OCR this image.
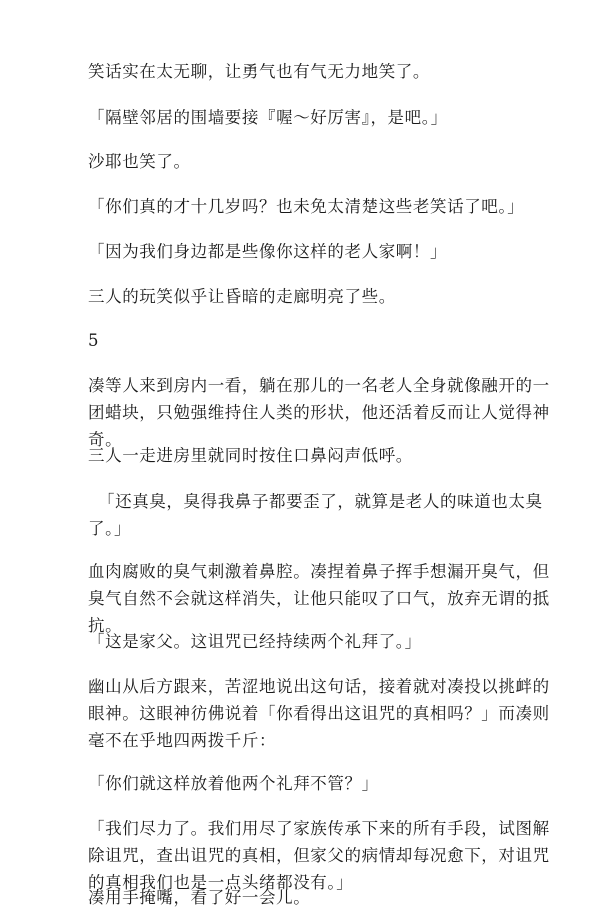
笑话实在太无聊，让勇气也有气无力地笑了。

「隔壁邻居的围墙要接『喔～好厉害』，是吧。」

沙耶也笑了。

「你们真的才十几岁吗？也未免太清楚这些老笑话了吧。」

「因为我们身边都是些像你这样的老人家啊！」

三人的玩笑似乎让昏暗的走廊明亮了些。

5

凑等人来到房内一看，躺在那儿的一名老人全身就像融开的一团蜡块，只勉强维持住人类的形状，他还活着反而让人觉得神奇。

三人一走进房里就同时按住口鼻闷声低呼。

「还真臭，臭得我鼻子都要歪了，就算是老人的味道也太臭了。」

血肉腐败的臭气刺激着鼻腔。凑捏着鼻子挥手想漏开臭气，但臭气自然不会就这样消失，让他只能叹了口气，放弃无谓的抵抗。

「这是家父。这诅咒已经持续两个礼拜了。」

幽山从后方跟来，苦涩地说出这句话，接着就对凑投以挑衅的眼神。这眼神彷佛说着「你看得出这诅咒的真相吗？」而凑则毫不在乎地四两拨千斤：

「你们就这样放着他两个礼拜不管？」

「我们尽力了。我们用尽了家族传承下来的所有手段，试图解除诅咒，查出诅咒的真相，但家父的病情却每况愈下，对诅咒的真相我们也是一点头绪都没有。」

凑用手掩嘴，看了好一会儿。
